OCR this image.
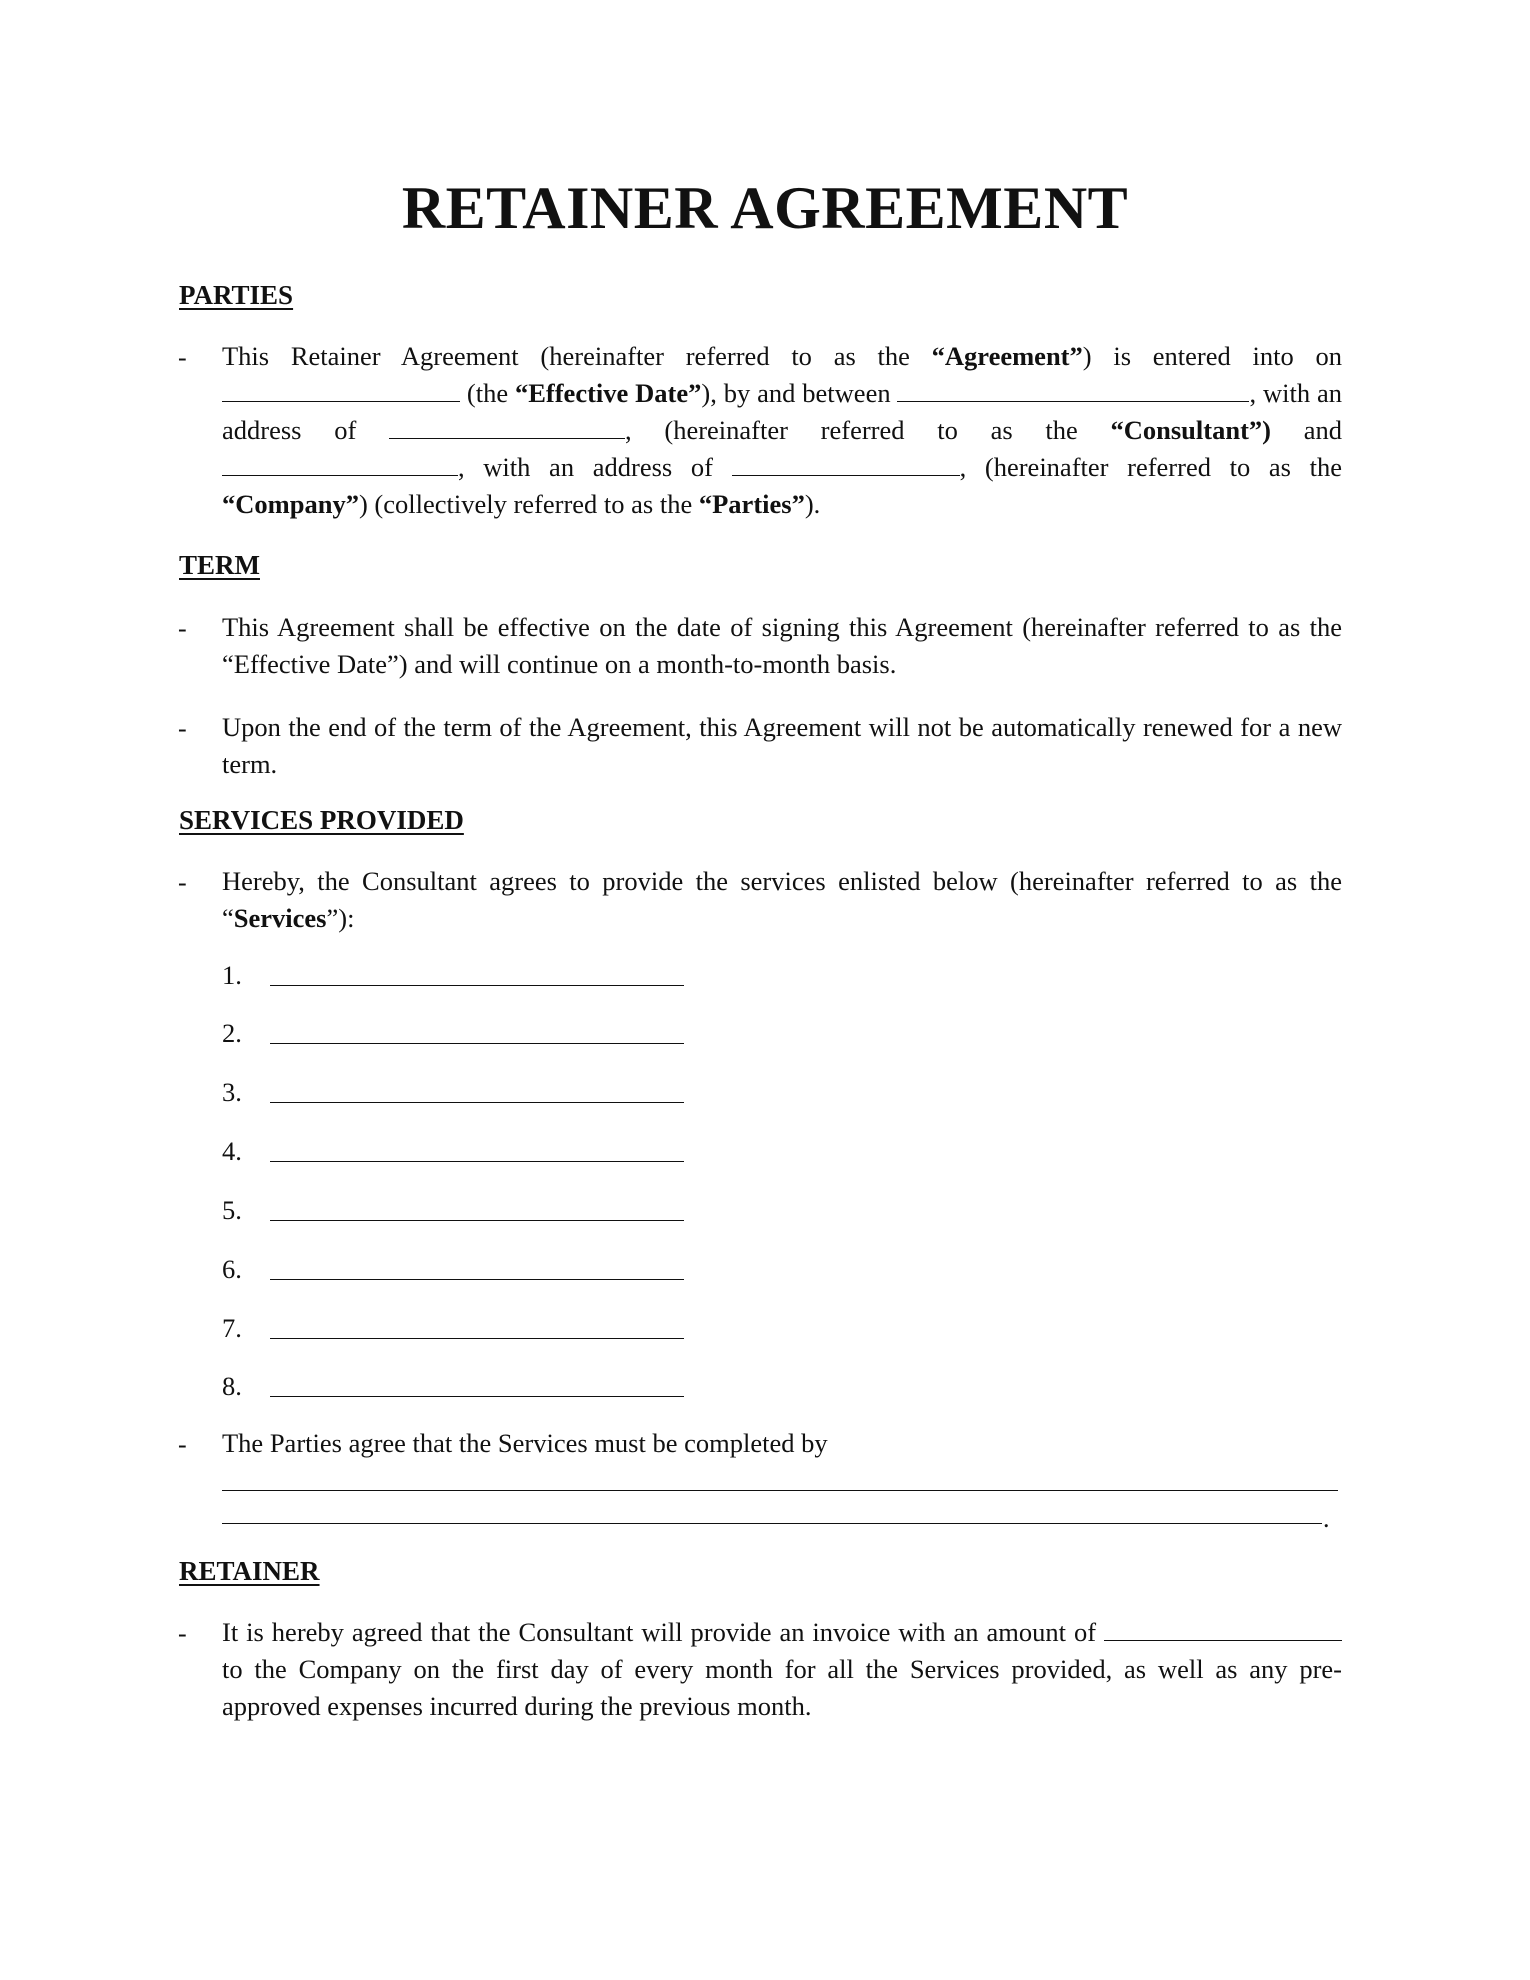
RETAINER AGREEMENT
PARTIES
- This Retainer Agreement (hereinafter referred to as the “Agreement”) is entered into on  (the “Effective Date”), by and between	, with an address of	, (hereinafter referred to as the “Consultant”) and , with an address of	, (hereinafter referred to as the “Company”) (collectively referred to as the “Parties”).

TERM
- This Agreement shall be effective on the date of signing this Agreement (hereinafter referred to as the “Effective Date”) and will continue on a month-to-month basis.
- Upon the end of the term of the Agreement, this Agreement will not be automatically renewed for a new term.
SERVICES PROVIDED
- Hereby, the Consultant agrees to provide the services enlisted below (hereinafter referred to as the “Services”):

1.
2.
3.
4.
5.
6.
7.
8.
- The Parties agree that the Services must be completed by
.
RETAINER
- It is hereby agreed that the Consultant will provide an invoice with an amount of  to the Company on the first day of every month for all the Services provided, as well as any pre-approved expenses incurred during the previous month.
